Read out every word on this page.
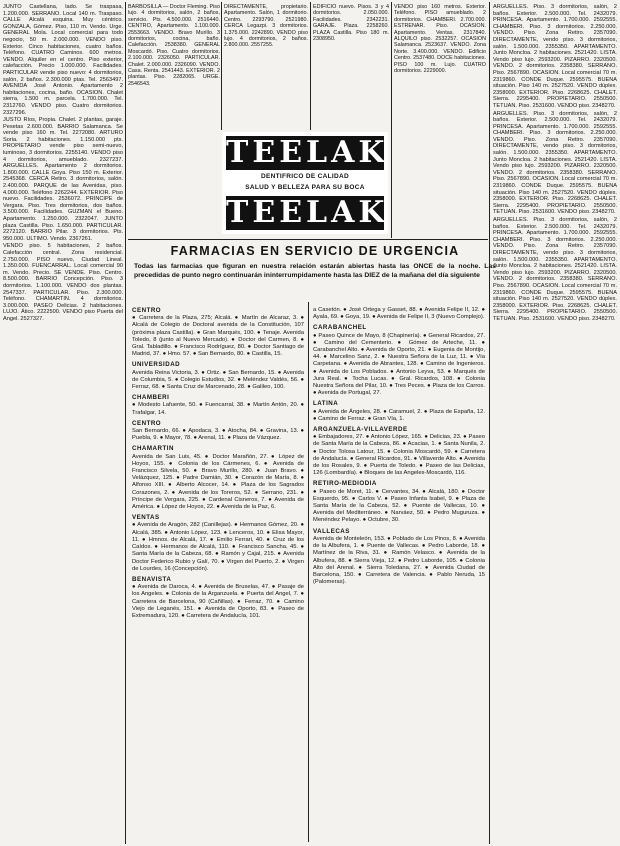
JUNTO Castellana, lado. Se traspasa, 1.200.000. SERRANO. Local 140 m. Traspaso. CALLE Alcalá esquina. Muy céntrico. GONZALA, Gómez. Piso, 110 m. Vendo. Urge. GENERAL Mola. Local comercial para todo negocio, 50 m. 2.000.000. VENDO piso. Exterior. Cinco habitaciones, cuatro baños. Teléfono. CUATRO Caminos. 600 metros. VENDO. Alquiler en el centro. Piso exterior, calefacción. Precio 1.000.000. Facilidades. PARTICULAR vende piso nuevo: 4 dormitorios, salón, 2 baños. 2.300.000 ptas. Tel. 2563497. AVENIDA José Antonio. Apartamento 2 habitaciones, cocina, baño. OCASION. Chalet sierra, 1.500 m. parcela. 1.700.000. Tel. 2312760. VENDO piso. Cuatro dormitorios. 2327296.

JUSTO Ríos, Propia. Chalet. 2 plantas, garaje. Pesetas 2.600.000. BARRIO Salamanca. Se vende piso 160 m. Tel. 2272080. ARTURO Soria. 2 habitaciones. 1.150.000 pts. PROPIETARIO vende piso semi-nuevo, luminoso, 3 dormitorios. 2255140. VENDO piso 4 dormitorios, amueblado. 2327237. ARGUELLES. Apartamento 2 dormitorios. 1.800.000. CALLE Goya. Piso 150 m. Exterior. 2545368. CERCA Retiro. 3 dormitorios, salón. 2.400.000. PARQUE de las Avenidas, piso. 4.000.000. Teléfono 2262244. EXTERIOR. Piso nuevo. Facilidades. 2536072. PRINCIPE de Vergara. Piso. Tres dormitorios, dos baños. 3.500.000. Facilidades. GUZMAN el Bueno. Apartamento. 1.250.000. 2322047. JUNTO plaza Castilla. Piso. 1.650.000. PARTICULAR. 2272120. BARRIO Pilar. 3 dormitorios. Pts. 950.000. ULTIMO. Vendo. 2367261.

VENDO piso. 5 habitaciones, 2 baños. Calefacción central. Zona residencial. 2.750.000. PISO nuevo, Ciudad Lineal. 1.350.000. FUENCARRAL. Local comercial 90 m. Vendo. Precio. SE VENDE. Piso. Centro. 8.500.000. BARRIO Concepción. Piso. 3 dormitorios. 1.100.000. VENDO dos plantas. 2547337. PARTICULAR. Piso. 2.300.000. Teléfono. CHAMARTIN. 4 dormitorios. 3.000.000. PASEO Delicias. 2 habitaciones. LUJO. Ático. 2222500. VENDO piso Puerta del Angel. 2527327.

BARBOSILLA — Doctor Fleming. Piso lujo. 4 dormitorios, salón, 2 baños, servicio. Pts. 4.500.000. 2516440. CENTRO, Apartamento. 1.100.000. 2553663. VENDO. Bravo Murillo. 3 dormitorios, cocina, baño. Calefacción. 2538380. GENERAL Moscardó. Piso. Cuatro dormitorios. 2.100.000. 2326050. PARTICULAR. Chalet. 2.000.000. 2326090. VENDO. Casa. Renta. 2541443. EXTERIOR. 2 plantas. Piso. 2282065. URGE. 2546543.
DIRECTAMENTE, propietario. Apartamento. Salón, 1 dormitorio. Centro. 2293790. 2521980. CERCA Legazpi. 3 dormitorios. 1.375.000. 2242890. VENDO piso lujo. 4 dormitorios, 2 baños. 2.800.000. 2557255.
EDIFICIO nuevo. Pisos. 3 y 4 dormitorios. 2.050.000. Facilidades. 2342231. GARAJE. Plaza. 2258260. PLAZA Castilla. Piso 180 m. 2308950.
VENDO piso 160 metros. Exterior. Teléfono. PISO amueblado. 2 dormitorios. CHAMBERI. 2.700.000. ESTRENAR. Piso. OCASION. Apartamento. Ventas. 2317840. ALQUILO piso. 2532257. OCASION Salamanca. 2523637. VENDO. Zona Norte. 3.400.000. VENDO. Edificio Centro. 2537480. DOCE habitaciones. PISO 100 m. Lujo. CUATRO dormitorios. 2229000.

ARGUELLES. Piso. 3 dormitorios, salón, 2 baños. Exterior. 2.500.000. Tel. 2432079. PRINCESA. Apartamento. 1.700.000. 2592555. CHAMBERI. Piso. 3 dormitorios. 2.250.000. VENDO. Piso. Zona Retiro. 2357090. DIRECTAMENTE, vendo piso. 3 dormitorios, salón. 1.500.000. 2355350. APARTAMENTO. Junto Moncloa. 2 habitaciones. 2521420. LISTA. Vendo piso lujo. 2593200. PIZARRO. 2320500. VENDO. 2 dormitorios. 2358380. SERRANO. Piso. 2567890. OCASION. Local comercial 70 m. 2319860. CONDE Duque. 2595575. BUENA situación. Piso 140 m. 2527520. VENDO dúplex. 2358000. EXTERIOR. Piso. 2268625. CHALET. Sierra. 2295400. PROPIETARIO. 2550500. TETUAN. Piso. 2531600. VENDO piso. 2348270.

ARGUELLES. Piso. 3 dormitorios, salón, 2 baños. Exterior. 2.500.000. Tel. 2432079. PRINCESA. Apartamento. 1.700.000. 2592555. CHAMBERI. Piso. 3 dormitorios. 2.250.000. VENDO. Piso. Zona Retiro. 2357090. DIRECTAMENTE, vendo piso. 3 dormitorios, salón. 1.500.000. 2355350. APARTAMENTO. Junto Moncloa. 2 habitaciones. 2521420. LISTA. Vendo piso lujo. 2593200. PIZARRO. 2320500. VENDO. 2 dormitorios. 2358380. SERRANO. Piso. 2567890. OCASION. Local comercial 70 m. 2319860. CONDE Duque. 2595575. BUENA situación. Piso 140 m. 2527520. VENDO dúplex. 2358000. EXTERIOR. Piso. 2268625. CHALET. Sierra. 2295400. PROPIETARIO. 2550500. TETUAN. Piso. 2531600. VENDO piso. 2348270.

ARGUELLES. Piso. 3 dormitorios, salón, 2 baños. Exterior. 2.500.000. Tel. 2432079. PRINCESA. Apartamento. 1.700.000. 2592555. CHAMBERI. Piso. 3 dormitorios. 2.250.000. VENDO. Piso. Zona Retiro. 2357090. DIRECTAMENTE, vendo piso. 3 dormitorios, salón. 1.500.000. 2355350. APARTAMENTO. Junto Moncloa. 2 habitaciones. 2521420. LISTA. Vendo piso lujo. 2593200. PIZARRO. 2320500. VENDO. 2 dormitorios. 2358380. SERRANO. Piso. 2567890. OCASION. Local comercial 70 m. 2319860. CONDE Duque. 2595575. BUENA situación. Piso 140 m. 2527520. VENDO dúplex. 2358000. EXTERIOR. Piso. 2268625. CHALET. Sierra. 2295400. PROPIETARIO. 2550500. TETUAN. Piso. 2531600. VENDO piso. 2348270.

TEELAK
DENTIFRICO DE CALIDAD
SALUD Y BELLEZA PARA SU BOCA
TEELAK
FARMACIAS EN SERVICIO DE URGENCIA
Todas las farmacias que figuran en nuestra relación estarán abiertas hasta las ONCE de la noche. Las precedidas de punto negro continuarán ininterrumpidamente hasta las DIEZ de la mañana del día siguiente
CENTRO

● Carretera de la Plaza, 275; Alcalá. ● Martín de Alcaraz, 3. ● Alcalá de Colegio de Doctoral avenida de la Constitución, 107 (próxima plaza Castilla). ● Gran Marqués, 100. ● Tenaje. Avenida Toledo, 8 (junto al Nuevo Mercado). ● Doctor del Carmen, 8. ● Gral. Tabladillo. ● Francisco Rodríguez, 80. ● Doctor Santiago de Madrid, 37. ● Hmo. 57. ● San Bernardo, 80. ● Castilla, 15.

UNIVERSIDAD

Avenida Reina Victoria, 3. ● Ortiz. ● San Bernardo, 15. ● Avenida de Columbia, 5. ● Colegio Estudios, 32. ● Meléndez Valdés, 56. ● Ferraz, 68. ● Santa Cruz de Marcenado, 28. ● Galileo, 100.

CHAMBERI

● Modesto Lafuente, 50. ● Fuencarral, 38. ● Martín Antón, 20. ● Trafalgar, 14.

CENTRO

San Bernardo, 66. ● Apodaca, 3. ● Atocha, 84. ● Gravina, 13. ● Puebla, 9. ● Mayor, 78. ● Arenal, 11. ● Plaza de Vázquez.

CHAMARTIN

Avenida de San Luis, 45. ● Doctor Marañón, 27. ● López de Hoyos, 155. ● Colonia de los Cármenes, 6. ● Avenida de Francisco Silvela, 50. ● Bravo Murillo, 280. ● Juan Bravo. ● Velázquez, 125. ● Padre Damián, 30. ● Corazón de María, 8. ● Alfonso XIII. ● Alberto Alcocer, 14. ● Plaza de los Sagrados Corazones, 2. ● Avenida de los Toreros, 52. ● Serrano, 231. ● Príncipe de Vergara, 225. ● Cardenal Cisneros, 7. ● Avenida de América. ● López de Hoyos, 22. ● Avenida de la Paz, 6.

VENTAS

● Avenida de Aragón, 282 (Canillejas). ● Hermanos Gómez, 20. ● Alcalá, 385. ● Antonio López, 123. ● Lenceros, 10. ● Elisa Mayor, 11. ● Hmnos. de Alcalá, 17. ● Emilio Ferrari, 40. ● Cruz de los Caídos. ● Hermanos de Alcalá, 110. ● Francisco Sancha, 45. ● Santa María de la Cabeza, 68. ● Ramón y Cajal, 215. ● Avenida Doctor Federico Rubio y Galí, 70. ● Virgen del Puerto, 2. ● Virgen de Lourdes, 16 (Concepción).

BENAVISTA

● Avenida de Daroca, 4. ● Avenida de Bruselas, 47. ● Pasaje de los Angeles. ● Colonia de la Arganzuela. ● Puerta del Angel, 7. ● Carretera de Barcelona, 90 (Cañillas). ● Ferraz, 70. ● Camino Viejo de Leganés, 151. ● Avenida de Oporto, 83. ● Paseo de Extremadura, 120. ● Carretera de Andalucía, 101.

a Casetón. ● José Ortega y Gasset, 88. ● Avenida Felipe II, 12. ● Ayala, 69. ● Goya, 19. ● Avenida de Felipe II, 3 (Nuevo Complejo).

CARABANCHEL

● Paseo Quince de Mayo, 8 (Chapinería). ● General Ricardos, 27. ● Camino del Cementerio. ● Gómez de Arteche, 11. ● Carabanchel Alto. ● Avenida de Oporto, 21. ● Eugenia de Montijo, 44. ● Marcelino Sanz, 2. ● Nuestra Señora de la Luz, 11. ● Vía Carpetana. ● Avenida de Abrantes, 128. ● Camino de Ingenieros. ● Avenida de Los Poblados. ● Antonio Leyva, 53. ● Marqués de Jura Real. ● Tocha Lucas. ● Gral. Ricardos, 108. ● Colonia Nuestra Señora del Pilar, 10. ● Tres Peces. ● Plaza de los Carros. ● Avenida de Portugal, 27.

LATINA

● Avenida de Ángeles, 28. ● Caramuel, 2. ● Plaza de España, 12. ● Camino de Ferraz. ● Gran Vía, 1.

ARGANZUELA-VILLAVERDE

● Embajadores, 27. ● Antonio López, 165. ● Delicias, 23. ● Paseo de Santa María de la Cabeza, 86. ● Acacias, 1. ● Santa Nunila, 2. ● Doctor Tolosa Latour, 15. ● Colonia Moscardó, 59. ● Carretera de Andalucía. ● General Ricardos, 91. ● Villaverde Alto. ● Avenida de los Rosales, 9. ● Puerta de Toledo. ● Paseo de las Delicias, 126 (Lombardía). ● Bloques de las Angeles-Moscardó, 116.

RETIRO-MEDIODIA

● Paseo de Moret, 11. ● Cervantes, 34. ● Alcalá, 180. ● Doctor Esquerdo, 95. ● Carlos V. ● Paseo Infanta Isabel, 9. ● Plaza de Santa María de la Cabeza, 52. ● Puente de Vallecas, 10. ● Avenida del Mediterráneo. ● Narváez, 50. ● Pedro Muguruza. ● Menéndez Pelayo. ● Octubre, 30.

VALLECAS

Avenida de Monteleón, 153. ● Poblado de Los Pinos, 8. ● Avenida de la Albufera, 1. ● Puente de Vallecas. ● Pedro Laborde, 18. ● Martínez de la Riva, 31. ● Ramón Velasco. ● Avenida de la Albufera, 88. ● Sierra Vieja, 12. ● Pedro Laborde, 105. ● Colonia Alto del Arenal. ● Sierra Toledana, 27. ● Avenida Ciudad de Barcelona, 150. ● Carretera de Valencia. ● Pablo Neruda, 15 (Palomeras).
